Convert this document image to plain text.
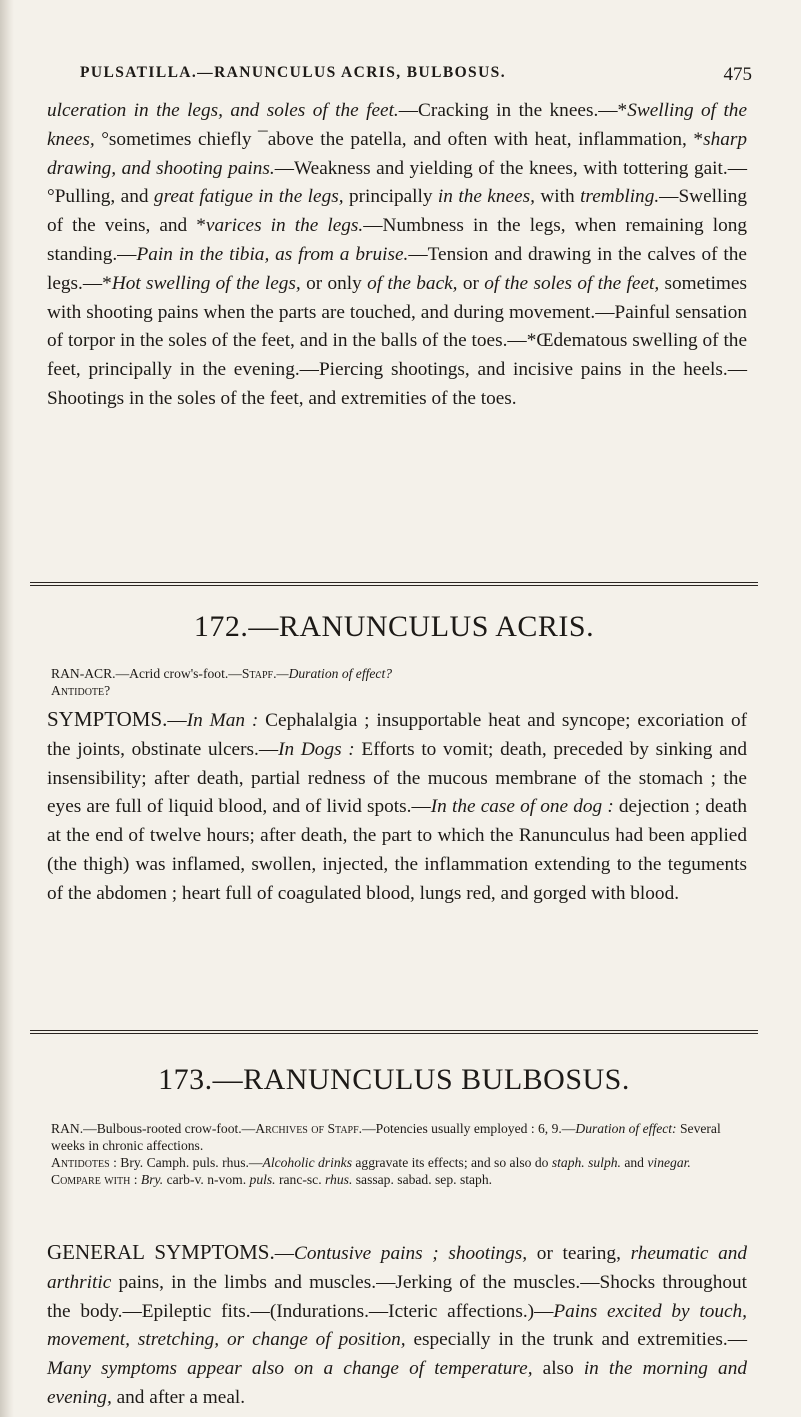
PULSATILLA.—RANUNCULUS ACRIS, BULBOSUS.	475

ulceration in the legs, and soles of the feet.—Cracking in the knees.—*Swelling of the knees, °sometimes chiefly ¯above the patella, and often with heat, inflammation, *sharp drawing, and shooting pains.—Weakness and yielding of the knees, with tottering gait.—°Pulling, and great fatigue in the legs, principally in the knees, with trembling.—Swelling of the veins, and *varices in the legs.—Numbness in the legs, when remaining long standing.—Pain in the tibia, as from a bruise.—Tension and drawing in the calves of the legs.—*Hot swelling of the legs, or only of the back, or of the soles of the feet, sometimes with shooting pains when the parts are touched, and during movement.—Painful sensation of torpor in the soles of the feet, and in the balls of the toes.—*Œdematous swelling of the feet, principally in the evening.—Piercing shootings, and incisive pains in the heels.—Shootings in the soles of the feet, and extremities of the toes.

172.—RANUNCULUS ACRIS.
RAN-ACR.—Acrid crow's-foot.—Stapf.—Duration of effect?
Antidote?

SYMPTOMS.—In Man : Cephalalgia ; insupportable heat and syncope; excoriation of the joints, obstinate ulcers.—In Dogs : Efforts to vomit; death, preceded by sinking and insensibility; after death, partial redness of the mucous membrane of the stomach ; the eyes are full of liquid blood, and of livid spots.—In the case of one dog : dejection ; death at the end of twelve hours; after death, the part to which the Ranunculus had been applied (the thigh) was inflamed, swollen, injected, the inflammation extending to the teguments of the abdomen ; heart full of coagulated blood, lungs red, and gorged with blood.

173.—RANUNCULUS BULBOSUS.
RAN.—Bulbous-rooted crow-foot.—Archives of Stapf.—Potencies usually employed : 6, 9.—Duration of effect: Several weeks in chronic affections.
Antidotes : Bry. Camph. puls. rhus.—Alcoholic drinks aggravate its effects; and so also do staph. sulph. and vinegar.
Compare with : Bry. carb-v. n-vom. puls. ranc-sc. rhus. sassap. sabad. sep. staph.

GENERAL SYMPTOMS.—Contusive pains ; shootings, or tearing, rheumatic and arthritic pains, in the limbs and muscles.—Jerking of the muscles.—Shocks throughout the body.—Epileptic fits.—(Indurations.—Icteric affections.)—Pains excited by touch, movement, stretching, or change of position, especially in the trunk and extremities.—Many symptoms appear also on a change of temperature, also in the morning and evening, and after a meal.
